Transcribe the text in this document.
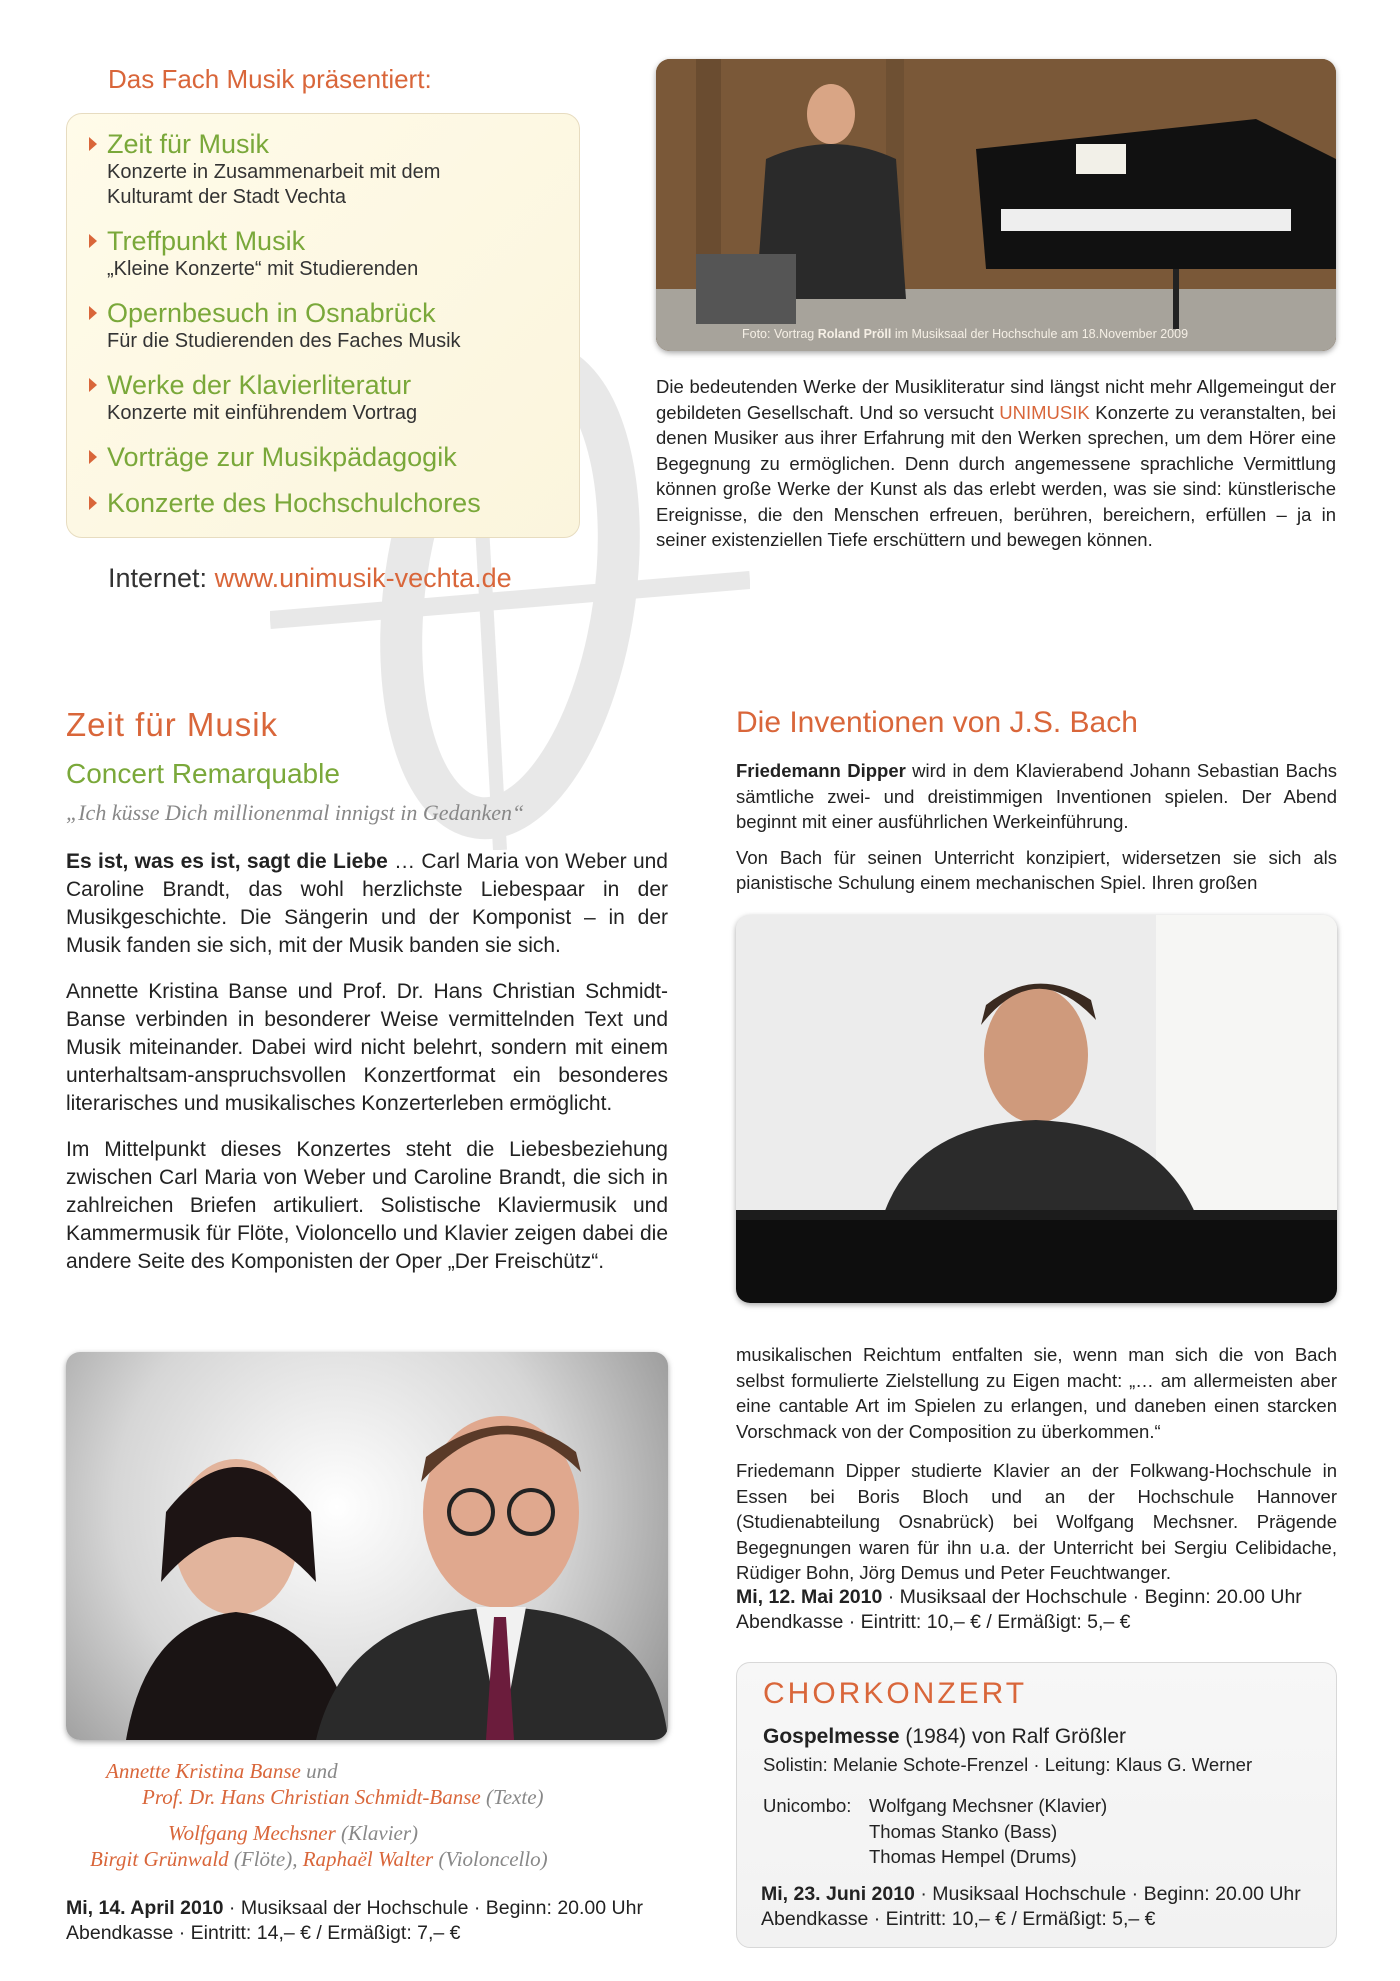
Das Fach Musik präsentiert:
Zeit für Musik
Konzerte in Zusammenarbeit mit dem
Kulturamt der Stadt Vechta
Treffpunkt Musik
„Kleine Konzerte“ mit Studierenden
Opernbesuch in Osnabrück
Für die Studierenden des Faches Musik
Werke der Klavierliteratur
Konzerte mit einführendem Vortrag
Vorträge zur Musikpädagogik
Konzerte des Hochschulchores
Internet: www.unimusik-vechta.de
Foto: Vortrag Roland Pröll im Musiksaal der Hochschule am 18.November 2009
Die bedeutenden Werke der Musikliteratur sind längst nicht mehr Allgemeingut der gebildeten Gesellschaft. Und so versucht UNIMUSIK Konzerte zu veranstalten, bei denen Musiker aus ihrer Erfahrung mit den Werken sprechen, um dem Hörer eine Begegnung zu ermöglichen. Denn durch angemessene sprachliche Vermittlung können große Werke der Kunst als das erlebt werden, was sie sind: künstlerische Ereignisse, die den Menschen erfreuen, berühren, bereichern, erfüllen – ja in seiner existenziellen Tiefe erschüttern und bewegen können.
Zeit für Musik
Concert Remarquable
„Ich küsse Dich millionenmal innigst in Gedanken“

Es ist, was es ist, sagt die Liebe … Carl Maria von Weber und Caroline Brandt, das wohl herzlichste Liebespaar in der Musikgeschichte. Die Sängerin und der Komponist – in der Musik fanden sie sich, mit der Musik banden sie sich.

Annette Kristina Banse und Prof. Dr. Hans Christian Schmidt-Banse verbinden in besonderer Weise vermittelnden Text und Musik miteinander. Dabei wird nicht belehrt, sondern mit einem unterhaltsam-anspruchsvollen Konzertformat ein besonderes literarisches und musikalisches Konzerterleben ermöglicht.

Im Mittelpunkt dieses Konzertes steht die Liebesbeziehung zwischen Carl Maria von Weber und Caroline Brandt, die sich in zahlreichen Briefen artikuliert. Solistische Klaviermusik und Kammermusik für Flöte, Violoncello und Klavier zeigen dabei die andere Seite des Komponisten der Oper „Der Freischütz“.

Annette Kristina Banse und
Prof. Dr. Hans Christian Schmidt-Banse (Texte)
Wolfgang Mechsner (Klavier)
Birgit Grünwald (Flöte), Raphaël Walter (Violoncello)
Mi, 14. April 2010 · Musiksaal der Hochschule · Beginn: 20.00 Uhr
Abendkasse · Eintritt: 14,– € / Ermäßigt: 7,– €
Die Inventionen von J.S. Bach

Friedemann Dipper wird in dem Klavierabend Johann Sebastian Bachs sämtliche zwei- und dreistimmigen Inventionen spielen. Der Abend beginnt mit einer ausführlichen Werkeinführung.

Von Bach für seinen Unterricht konzipiert, widersetzen sie sich als pianistische Schulung einem mechanischen Spiel. Ihren großen

musikalischen Reichtum entfalten sie, wenn man sich die von Bach selbst formulierte Zielstellung zu Eigen macht: „… am allermeisten aber eine cantable Art im Spielen zu erlangen, und daneben einen starcken Vorschmack von der Composition zu überkommen.“

Friedemann Dipper studierte Klavier an der Folkwang-Hochschule in Essen bei Boris Bloch und an der Hochschule Hannover (Studienabteilung Osnabrück) bei Wolfgang Mechsner. Prägende Begegnungen waren für ihn u.a. der Unterricht bei Sergiu Celibidache, Rüdiger Bohn, Jörg Demus und Peter Feuchtwanger.

Mi, 12. Mai 2010 · Musiksaal der Hochschule · Beginn: 20.00 Uhr
Abendkasse · Eintritt: 10,– € / Ermäßigt: 5,– €
CHORKONZERT
Gospelmesse (1984) von Ralf Größler
Solistin: Melanie Schote-Frenzel · Leitung: Klaus G. Werner
Unicombo: Wolfgang Mechsner (Klavier)
Thomas Stanko (Bass)
Thomas Hempel (Drums)
Mi, 23. Juni 2010 · Musiksaal Hochschule · Beginn: 20.00 Uhr
Abendkasse · Eintritt: 10,– € / Ermäßigt: 5,– €
